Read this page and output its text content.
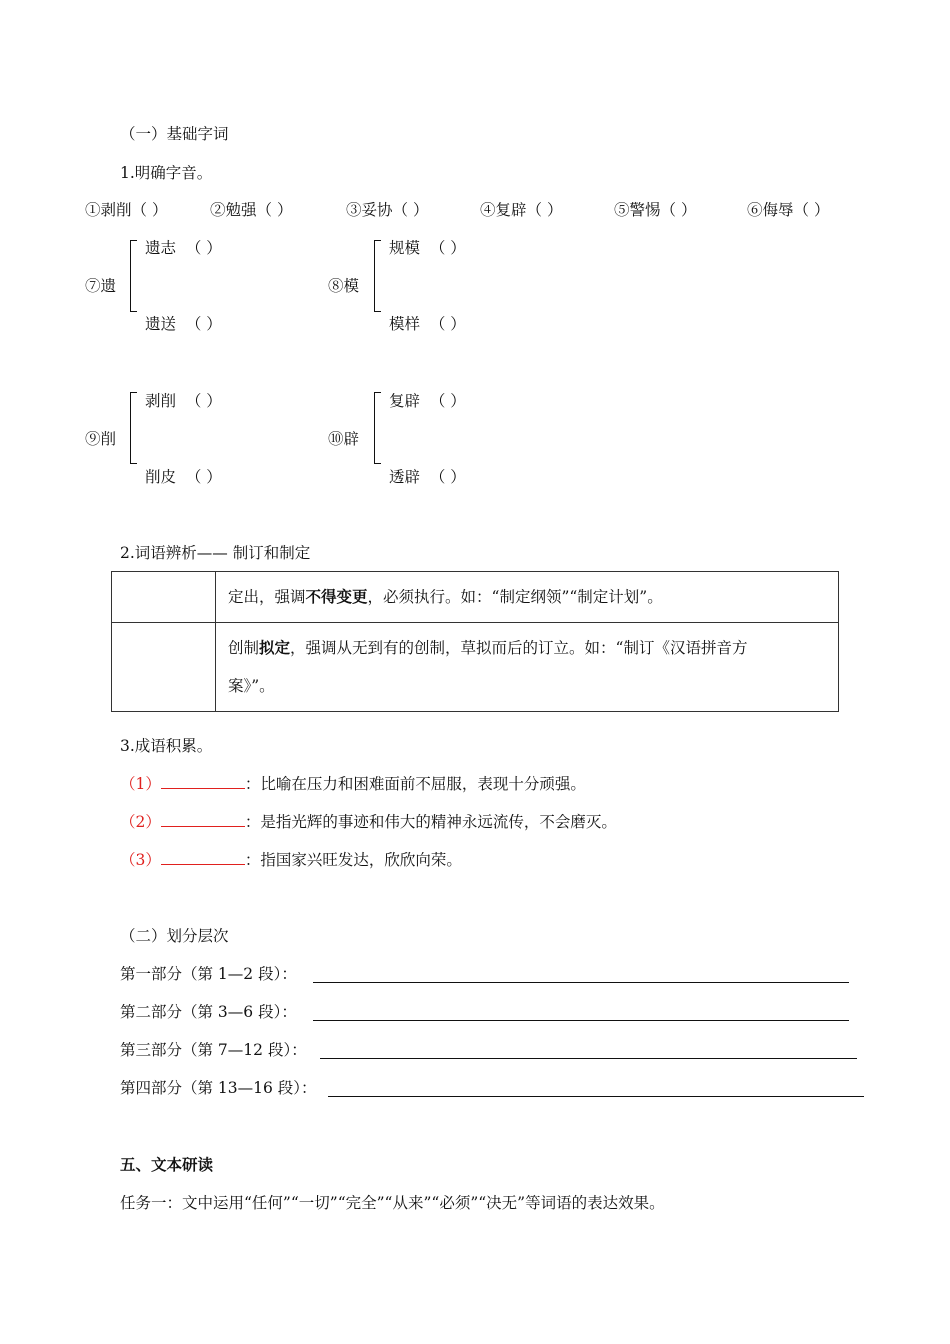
（一）基础字词
1.明确字音。
①剥削（ ）	②勉强（ ）	③妥协（ ）	④复辟（ ）	⑤警惕（ ）	⑥侮辱（ ）
⑦遗
遗志 （ ）
遗送 （ ）
⑧模
规模 （ ）
模样 （ ）
⑨削
剥削 （ ）
削皮 （ ）
⑩辟
复辟 （ ）
透辟 （ ）
2.词语辨析—— 制订和制定
	定出，强调不得变更，必须执行。如：“制定纲领”“制定计划”。
	创制拟定，强调从无到有的创制，草拟而后的订立。如：“制订《汉语拼音方
案》”。
3.成语积累。
（1）	：比喻在压力和困难面前不屈服，表现十分顽强。
（2）	：是指光辉的事迹和伟大的精神永远流传，不会磨灭。
（3）	：指国家兴旺发达，欣欣向荣。
（二）划分层次
第一部分（第 1—2 段）：
第二部分（第 3—6 段）：
第三部分（第 7—12 段）：
第四部分（第 13—16 段）：
五、文本研读
任务一：文中运用“任何”“一切”“完全”“从来”“必须”“决无”等词语的表达效果。
